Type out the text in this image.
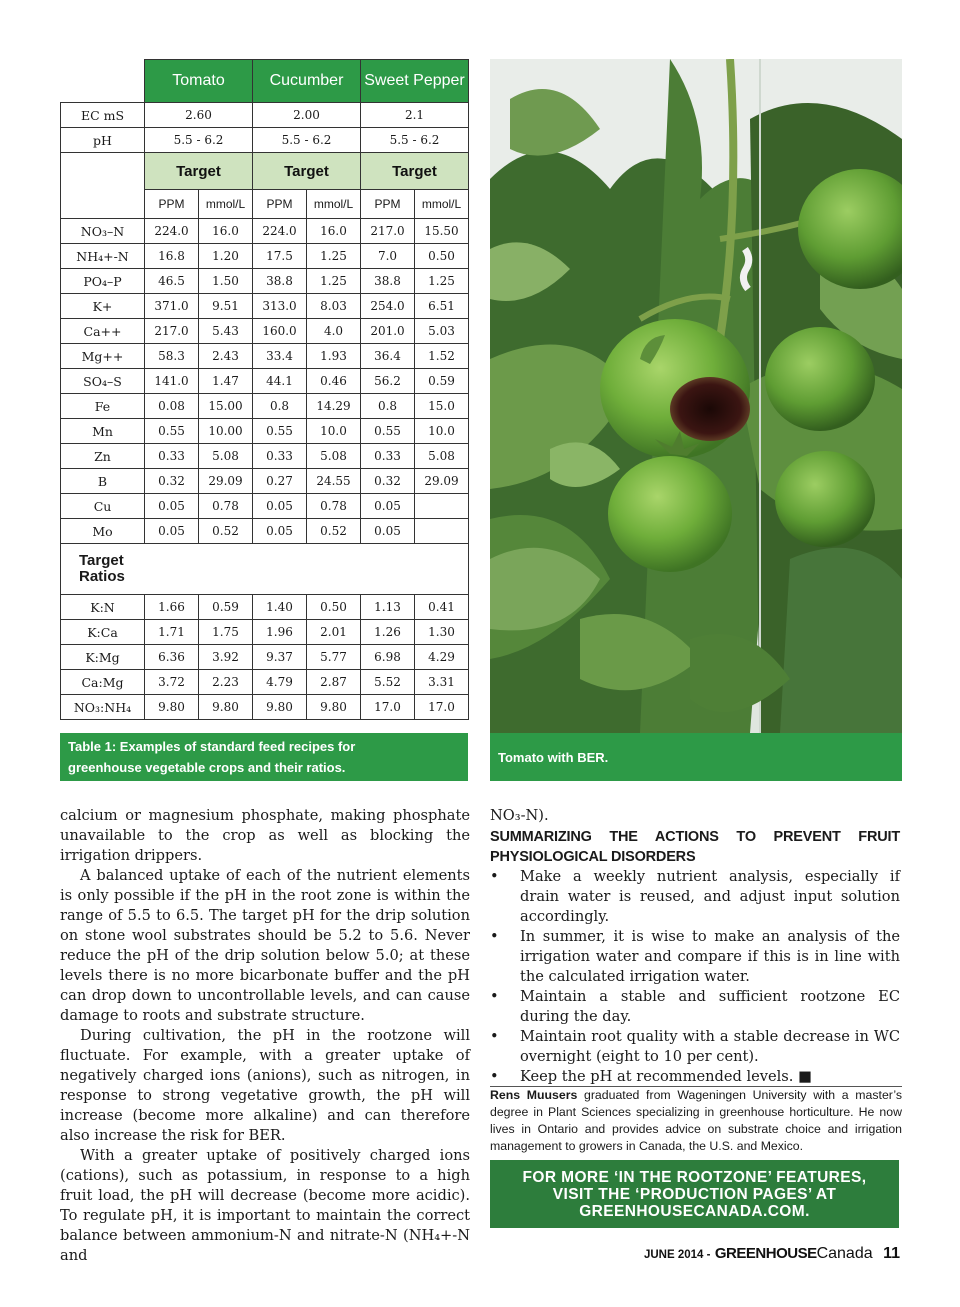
	Tomato		Cucumber		Sweet Pepper	
EC mS	2.60		2.00		2.1	
pH	5.5 - 6.2		5.5 - 6.2		5.5 - 6.2	
	Target		Target		Target	
	PPM	mmol/L	PPM	mmol/L	PPM	mmol/L
NO₃–N	224.0	16.0	224.0	16.0	217.0	15.50
NH₄+-N	16.8	1.20	17.5	1.25	7.0	0.50
PO₄–P	46.5	1.50	38.8	1.25	38.8	1.25
K+	371.0	9.51	313.0	8.03	254.0	6.51
Ca++	217.0	5.43	160.0	4.0	201.0	5.03
Mg++	58.3	2.43	33.4	1.93	36.4	1.52
SO₄–S	141.0	1.47	44.1	0.46	56.2	0.59
Fe	0.08	15.00	0.8	14.29	0.8	15.0
Mn	0.55	10.00	0.55	10.0	0.55	10.0
Zn	0.33	5.08	0.33	5.08	0.33	5.08
B	0.32	29.09	0.27	24.55	0.32	29.09
Cu	0.05	0.78	0.05	0.78	0.05	
Mo	0.05	0.52	0.05	0.52	0.05	

Target
Ratios						

K:N	1.66	0.59	1.40	0.50	1.13	0.41
K:Ca	1.71	1.75	1.96	2.01	1.26	1.30
K:Mg	6.36	3.92	9.37	5.77	6.98	4.29
Ca:Mg	3.72	2.23	4.79	2.87	5.52	3.31
NO₃:NH₄	9.80	9.80	9.80	9.80	17.0	17.0
Table 1: Examples of standard feed recipes for
greenhouse vegetable crops and their ratios.
Tomato with BER.

calcium or magnesium phosphate, making phosphate unavailable to the crop as well as blocking the irrigation drippers.

A balanced uptake of each of the nutrient elements is only possible if the pH in the root zone is within the range of 5.5 to 6.5. The target pH for the drip solution on stone wool substrates should be 5.2 to 5.6. Never reduce the pH of the drip solution below 5.0; at these levels there is no more bicarbonate buffer and the pH can drop down to uncontrollable levels, and can cause damage to roots and substrate structure.

During cultivation, the pH in the rootzone will fluctuate. For example, with a greater uptake of negatively charged ions (anions), such as nitrogen, in response to strong vegetative growth, the pH will increase (become more alkaline) and can therefore also increase the risk for BER.

With a greater uptake of positively charged ions (cations), such as potassium, in response to a high fruit load, the pH will decrease (become more acidic). To regulate pH, it is important to maintain the correct balance between ammonium-N and nitrate-N (NH₄+-N and

NO₃-N).

SUMMARIZING THE ACTIONS TO PREVENT FRUIT PHYSIOLOGICAL DISORDERS

• Make a weekly nutrient analysis, especially if drain water is reused, and adjust input solution accordingly.
• In summer, it is wise to make an analysis of the irrigation water and compare if this is in line with the calculated irrigation water.
• Maintain a stable and sufficient rootzone EC during the day.
• Maintain root quality with a stable decrease in WC overnight (eight to 10 per cent).
• Keep the pH at recommended levels. ■
Rens Muusers graduated from Wageningen University with a master’s degree in Plant Sciences specializing in greenhouse horticulture. He now lives in Ontario and provides advice on substrate choice and irrigation management to growers in Canada, the U.S. and Mexico.
FOR MORE ‘IN THE ROOTZONE’ FEATURES,
VISIT THE ‘PRODUCTION PAGES’ AT
GREENHOUSECANADA.COM.
JUNE 2014 - GREENHOUSECanada 11
